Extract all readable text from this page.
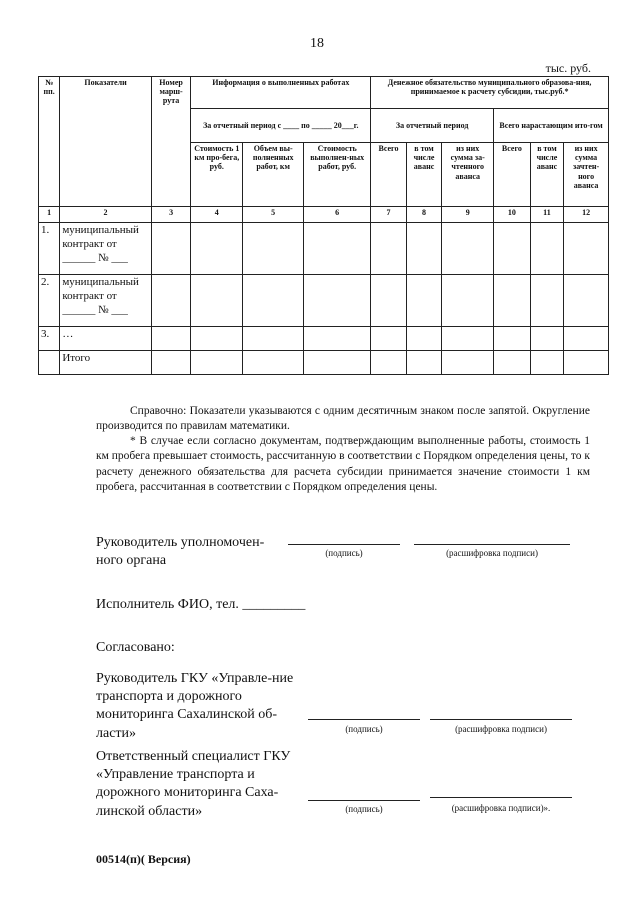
18
тыс. руб.
№ пп.	Показатели	Номер марш-рута	Информация о выполненных работах			Денежное обязательство муниципального образова-ния, принимаемое к расчету субсидии, тыс.руб.*					
			За отчетный период с ____ по _____ 20___г.			За отчетный период			Всего нарастающим ито-гом		
			Стоимость 1 км про-бега, руб.	Объем вы-полненных работ, км	Стоимость выполнен-ных работ, руб.	Всего	в том числе аванс	из них сумма за-чтенного аванса	Всего	в том числе аванс	из них сумма зачтен-ного аванса
1	2	3	4	5	6	7	8	9	10	11	12
1.	муниципальный контракт от ______ № ___										
2.	муниципальный контракт от ______ № ___										
3.	…										
	Итого										
Справочно: Показатели указываются с одним десятичным знаком после запятой. Округление производится по правилам математики.
* В случае если согласно документам, подтверждающим выполненные работы, стоимость 1 км пробега превышает стоимость, рассчитанную в соответствии с Порядком определения цены, то к расчету денежного обязательства для расчета субсидии принимается значение стоимости 1 км пробега, рассчитанная в соответствии с Порядком определения цены.
Руководитель уполномочен-ного органа
(подпись)	(расшифровка подписи)
Исполнитель ФИО, тел. _________
Согласовано:
Руководитель ГКУ «Управле-ние транспорта и дорожного мониторинга Сахалинской об-ласти»	(подпись)	(расшифровка подписи)
Ответственный специалист ГКУ «Управление транспорта и дорожного мониторинга Саха-линской области»	(подпись)	(расшифровка подписи)».
00514(п)( Версия)
